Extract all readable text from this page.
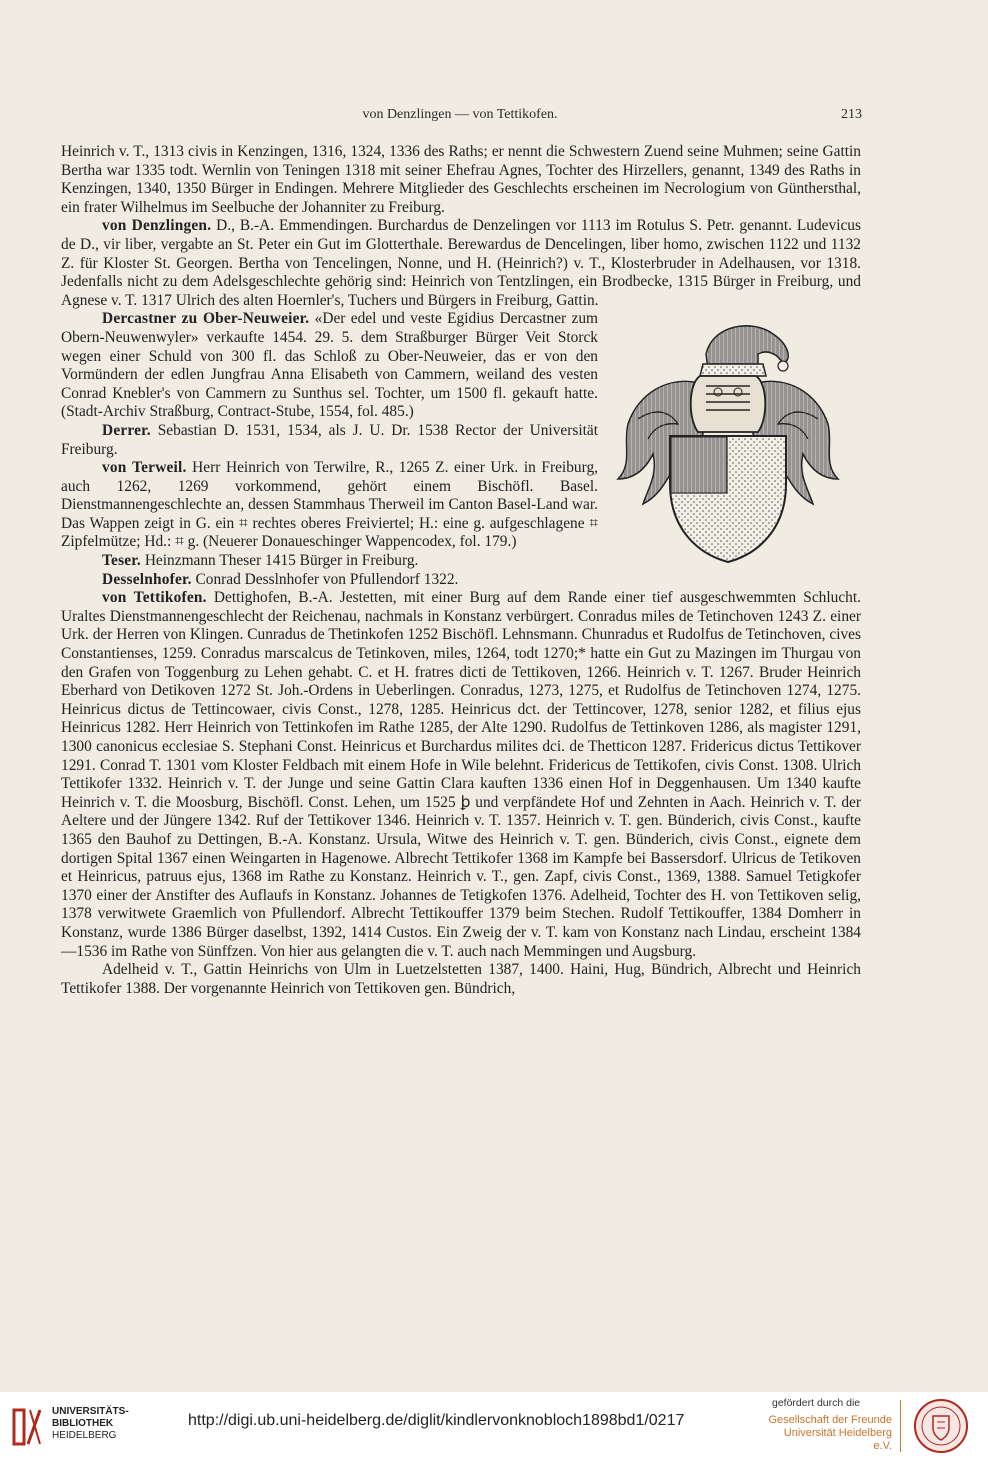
von Denzlingen — von Tettikofen.	213

Heinrich v. T., 1313 civis in Kenzingen, 1316, 1324, 1336 des Raths; er nennt die Schwestern Zuend seine Muhmen; seine Gattin Bertha war 1335 todt. Wernlin von Teningen 1318 mit seiner Ehefrau Agnes, Tochter des Hirzellers, genannt, 1349 des Raths in Kenzingen, 1340, 1350 Bürger in Endingen. Mehrere Mitglieder des Geschlechts erscheinen im Necrologium von Günthersthal, ein frater Wilhelmus im Seelbuche der Johanniter zu Freiburg.

von Denzlingen. D., B.-A. Emmendingen. Burchardus de Denzelingen vor 1113 im Rotulus S. Petr. genannt. Ludevicus de D., vir liber, vergabte an St. Peter ein Gut im Glotterthale. Berewardus de Dencelingen, liber homo, zwischen 1122 und 1132 Z. für Kloster St. Georgen. Bertha von Tencelingen, Nonne, und H. (Heinrich?) v. T., Klosterbruder in Adelhausen, vor 1318. Jedenfalls nicht zu dem Adelsgeschlechte gehörig sind: Heinrich von Tentzlingen, ein Brodbecke, 1315 Bürger in Freiburg, und Agnese v. T. 1317 Ulrich des alten Hoernler's, Tuchers und Bürgers in Freiburg, Gattin.

Dercastner zu Ober-Neuweier. «Der edel und veste Egidius Dercastner zum Obern-Neuwenwyler» verkaufte 1454. 29. 5. dem Straßburger Bürger Veit Storck wegen einer Schuld von 300 fl. das Schloß zu Ober-Neuweier, das er von den Vormündern der edlen Jungfrau Anna Elisabeth von Cammern, weiland des vesten Conrad Knebler's von Cammern zu Sunthus sel. Tochter, um 1500 fl. gekauft hatte. (Stadt-Archiv Straßburg, Contract-Stube, 1554, fol. 485.)

Derrer. Sebastian D. 1531, 1534, als J. U. Dr. 1538 Rector der Universität Freiburg.

von Terweil. Herr Heinrich von Terwilre, R., 1265 Z. einer Urk. in Freiburg, auch 1262, 1269 vorkommend, gehört einem Bischöfl. Basel. Dienstmannengeschlechte an, dessen Stammhaus Therweil im Canton Basel-Land war. Das Wappen zeigt in G. ein ⌗ rechtes oberes Freiviertel; H.: eine g. aufgeschlagene ⌗ Zipfelmütze; Hd.: ⌗ g. (Neuerer Donaueschinger Wappencodex, fol. 179.)

Teser. Heinzmann Theser 1415 Bürger in Freiburg.

Desselnhofer. Conrad Desslnhofer von Pfullendorf 1322.

von Tettikofen. Dettighofen, B.-A. Jestetten, mit einer Burg auf dem Rande einer tief ausgeschwemmten Schlucht. Uraltes Dienstmannengeschlecht der Reichenau, nachmals in Konstanz verbürgert. Conradus miles de Tetinchoven 1243 Z. einer Urk. der Herren von Klingen. Cunradus de Thetinkofen 1252 Bischöfl. Lehnsmann. Chunradus et Rudolfus de Tetinchoven, cives Constantienses, 1259. Conradus marscalcus de Tetinkoven, miles, 1264, todt 1270;* hatte ein Gut zu Mazingen im Thurgau von den Grafen von Toggenburg zu Lehen gehabt. C. et H. fratres dicti de Tettikoven, 1266. Heinrich v. T. 1267. Bruder Heinrich Eberhard von Detikoven 1272 St. Joh.-Ordens in Ueberlingen. Conradus, 1273, 1275, et Rudolfus de Tetinchoven 1274, 1275. Heinricus dictus de Tettincowaer, civis Const., 1278, 1285. Heinricus dct. der Tettincover, 1278, senior 1282, et filius ejus Heinricus 1282. Herr Heinrich von Tettinkofen im Rathe 1285, der Alte 1290. Rudolfus de Tettinkoven 1286, als magister 1291, 1300 canonicus ecclesiae S. Stephani Const. Heinricus et Burchardus milites dci. de Thetticon 1287. Fridericus dictus Tettikover 1291. Conrad T. 1301 vom Kloster Feldbach mit einem Hofe in Wile belehnt. Fridericus de Tettikofen, civis Const. 1308. Ulrich Tettikofer 1332. Heinrich v. T. der Junge und seine Gattin Clara kauften 1336 einen Hof in Deggenhausen. Um 1340 kaufte Heinrich v. T. die Moosburg, Bischöfl. Const. Lehen, um 1525 ꝧ und verpfändete Hof und Zehnten in Aach. Heinrich v. T. der Aeltere und der Jüngere 1342. Ruf der Tettikover 1346. Heinrich v. T. 1357. Heinrich v. T. gen. Bünderich, civis Const., kaufte 1365 den Bauhof zu Dettingen, B.-A. Konstanz. Ursula, Witwe des Heinrich v. T. gen. Bünderich, civis Const., eignete dem dortigen Spital 1367 einen Weingarten in Hagenowe. Albrecht Tettikofer 1368 im Kampfe bei Bassersdorf. Ulricus de Tetikoven et Heinricus, patruus ejus, 1368 im Rathe zu Konstanz. Heinrich v. T., gen. Zapf, civis Const., 1369, 1388. Samuel Tetigkofer 1370 einer der Anstifter des Auflaufs in Konstanz. Johannes de Tetigkofen 1376. Adelheid, Tochter des H. von Tettikoven selig, 1378 verwitwete Graemlich von Pfullendorf. Albrecht Tettikouffer 1379 beim Stechen. Rudolf Tettikouffer, 1384 Domherr in Konstanz, wurde 1386 Bürger daselbst, 1392, 1414 Custos. Ein Zweig der v. T. kam von Konstanz nach Lindau, erscheint 1384—1536 im Rathe von Sünffzen. Von hier aus gelangten die v. T. auch nach Memmingen und Augsburg.

Adelheid v. T., Gattin Heinrichs von Ulm in Luetzelstetten 1387, 1400. Haini, Hug, Bündrich, Albrecht und Heinrich Tettikofer 1388. Der vorgenannte Heinrich von Tettikoven gen. Bündrich,

UNIVERSITÄTS-
BIBLIOTHEK
HEIDELBERG
http://digi.ub.uni-heidelberg.de/diglit/kindlervonknobloch1898bd1/0217
gefördert durch die
Gesellschaft der Freunde
Universität Heidelberg e.V.
